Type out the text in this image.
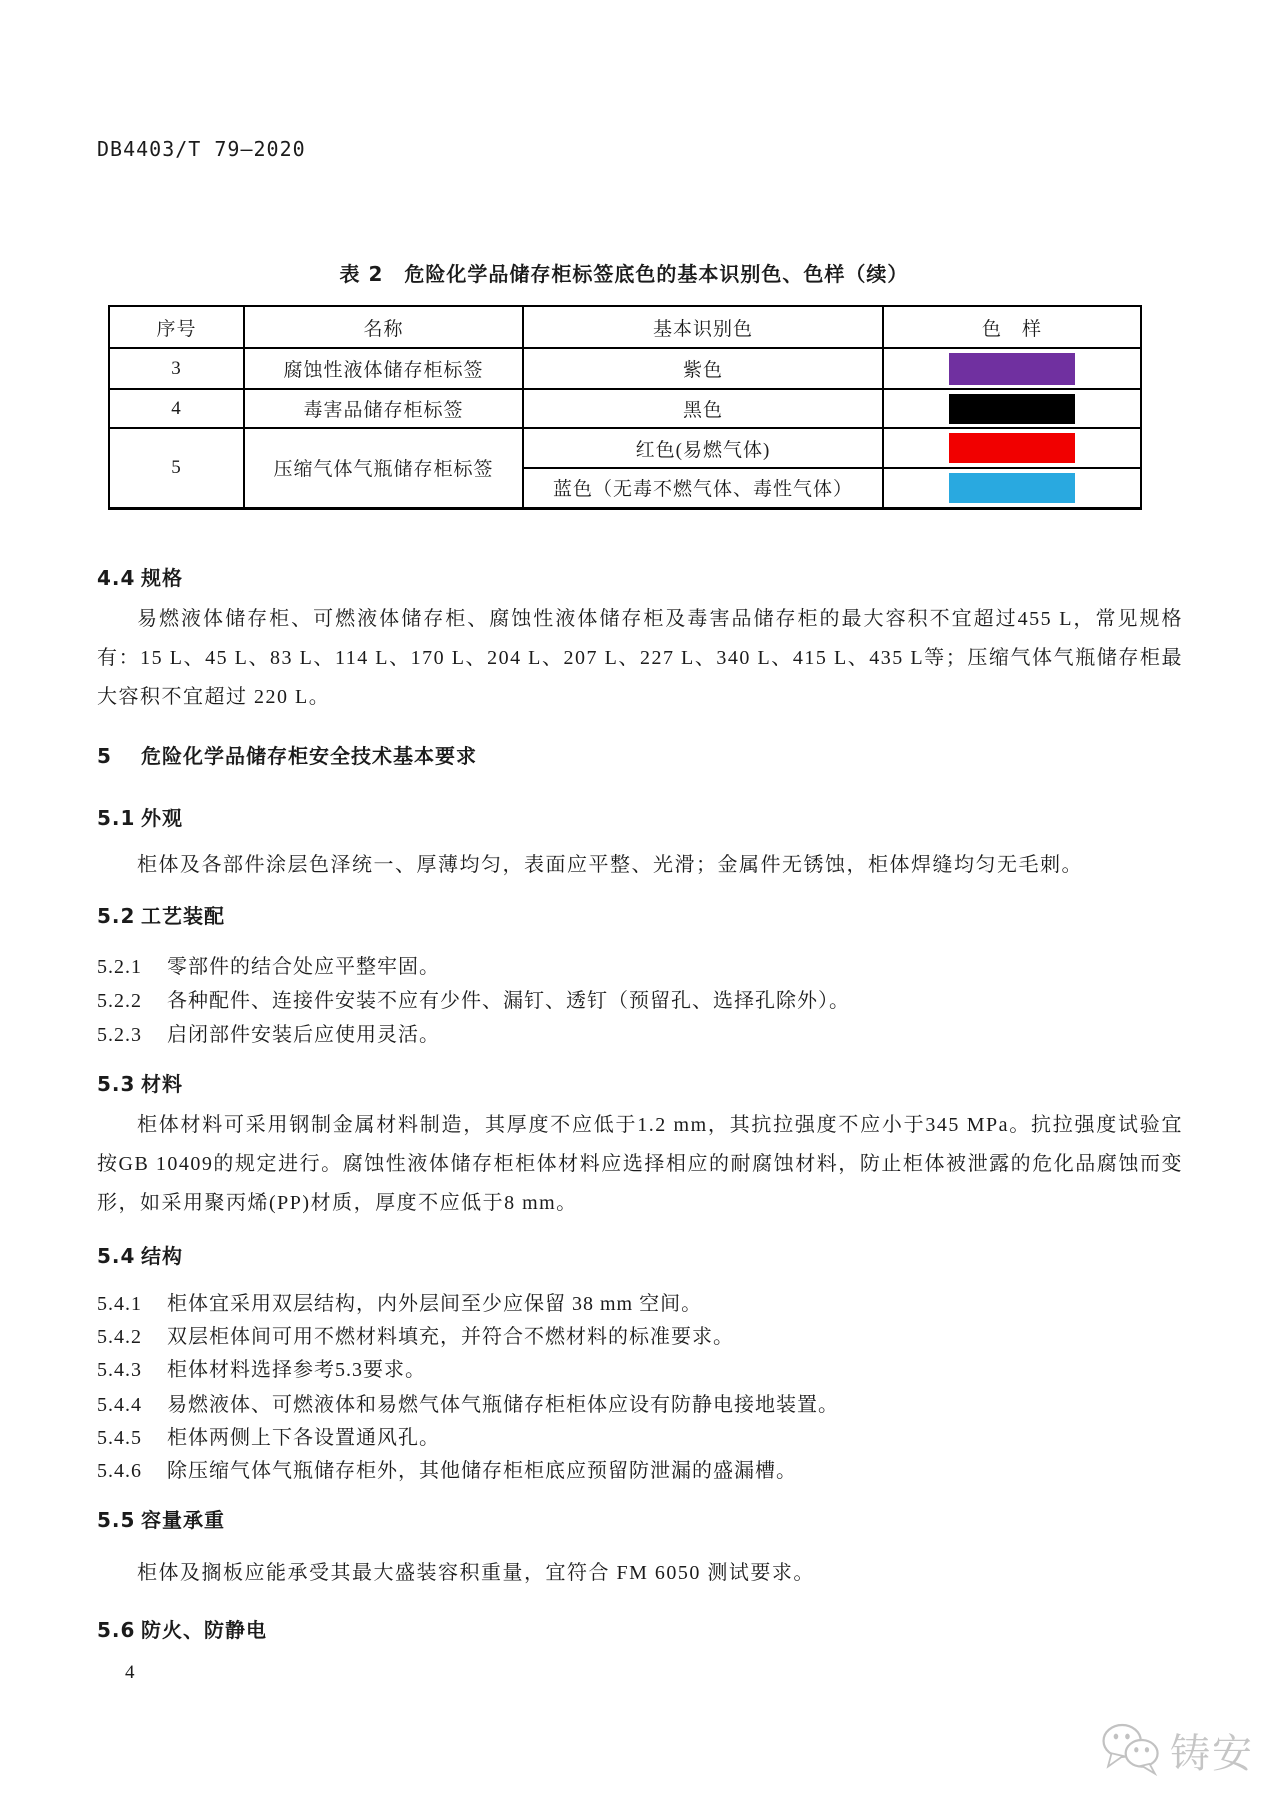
DB4403/T 79—2020
表 2　危险化学品储存柜标签底色的基本识别色、色样（续）
序号	名称	基本识别色	色　样
3	腐蚀性液体储存柜标签	紫色	

4	毒害品储存柜标签	黑色	

5	压缩气体气瓶储存柜标签	红色(易燃气体)	

		蓝色（无毒不燃气体、毒性气体）	
4.4 规格

易燃液体储存柜、可燃液体储存柜、腐蚀性液体储存柜及毒害品储存柜的最大容积不宜超过455 L，常见规格有：15 L、45 L、83 L、114 L、170 L、204 L、207 L、227 L、340 L、415 L、435 L等；压缩气体气瓶储存柜最大容积不宜超过 220 L。

5 危险化学品储存柜安全技术基本要求
5.1 外观

柜体及各部件涂层色泽统一、厚薄均匀，表面应平整、光滑；金属件无锈蚀，柜体焊缝均匀无毛刺。

5.2 工艺装配
5.2.1 零部件的结合处应平整牢固。
5.2.2 各种配件、连接件安装不应有少件、漏钉、透钉（预留孔、选择孔除外）。
5.2.3 启闭部件安装后应使用灵活。
5.3 材料

柜体材料可采用钢制金属材料制造，其厚度不应低于1.2 mm，其抗拉强度不应小于345 MPa。抗拉强度试验宜按GB 10409的规定进行。腐蚀性液体储存柜柜体材料应选择相应的耐腐蚀材料，防止柜体被泄露的危化品腐蚀而变形，如采用聚丙烯(PP)材质，厚度不应低于8 mm。

5.4 结构
5.4.1 柜体宜采用双层结构，内外层间至少应保留 38 mm 空间。
5.4.2 双层柜体间可用不燃材料填充，并符合不燃材料的标准要求。
5.4.3 柜体材料选择参考5.3要求。
5.4.4 易燃液体、可燃液体和易燃气体气瓶储存柜柜体应设有防静电接地装置。
5.4.5 柜体两侧上下各设置通风孔。
5.4.6 除压缩气体气瓶储存柜外，其他储存柜柜底应预留防泄漏的盛漏槽。
5.5 容量承重

柜体及搁板应能承受其最大盛装容积重量，宜符合 FM 6050 测试要求。

5.6 防火、防静电
4
铸安
